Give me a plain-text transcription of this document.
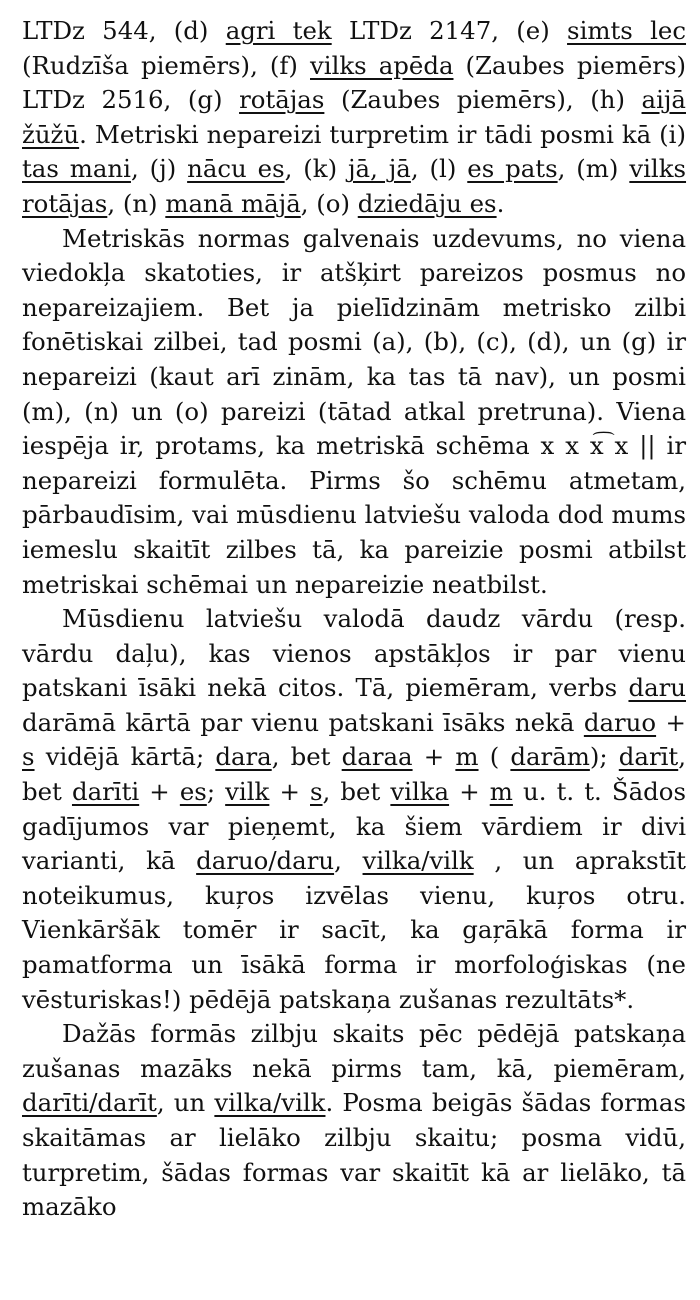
LTDz 544, (d) agri tek LTDz 2147, (e) simts lec (Rudzīša piemērs), (f) vilks apēda (Zaubes piemērs) LTDz 2516, (g) rotājas (Zaubes piemērs), (h) aijā žūžū. Metriski nepareizi turpretim ir tādi posmi kā (i) tas mani, (j) nācu es, (k) jā, jā, (l) es pats, (m) vilks rotājas, (n) manā mājā, (o) dziedāju es.

Metriskās normas galvenais uzdevums, no viena viedokļa skatoties, ir atšķirt pareizos posmus no nepareizajiem. Bet ja pielīdzinām metrisko zilbi fonētiskai zilbei, tad posmi (a), (b), (c), (d), un (g) ir nepareizi (kaut arī zinām, ka tas tā nav), un posmi (m), (n) un (o) pareizi (tātad atkal pretruna). Viena iespēja ir, protams, ka metriskā schēma x x x͡ x || ir nepareizi formulēta. Pirms šo schēmu atmetam, pārbaudīsim, vai mūsdienu latviešu valoda dod mums iemeslu skaitīt zilbes tā, ka pareizie posmi atbilst metriskai schēmai un nepareizie neatbilst.

Mūsdienu latviešu valodā daudz vārdu (resp. vārdu daļu), kas vienos apstākļos ir par vienu patskani īsāki nekā citos. Tā, piemēram, verbs daru darāmā kārtā par vienu patskani īsāks nekā daruo + s vidējā kārtā; dara, bet daraa + m ( darām); darīt, bet darīti + es; vilk + s, bet vilka + m u. t. t. Šādos gadījumos var pieņemt, ka šiem vārdiem ir divi varianti, kā daruo/daru, vilka/vilk , un aprakstīt noteikumus, kuŗos izvēlas vienu, kuŗos otru. Vienkāršāk tomēr ir sacīt, ka gaŗākā forma ir pamatforma un īsākā forma ir morfoloģiskas (ne vēsturiskas!) pēdējā patskaņa zušanas rezultāts*.

Dažās formās zilbju skaits pēc pēdējā patskaņa zušanas mazāks nekā pirms tam, kā, piemēram, darīti/darīt, un vilka/vilk. Posma beigās šādas formas skaitāmas ar lielāko zilbju skaitu; posma vidū, turpretim, šādas formas var skaitīt kā ar lielāko, tā mazāko
